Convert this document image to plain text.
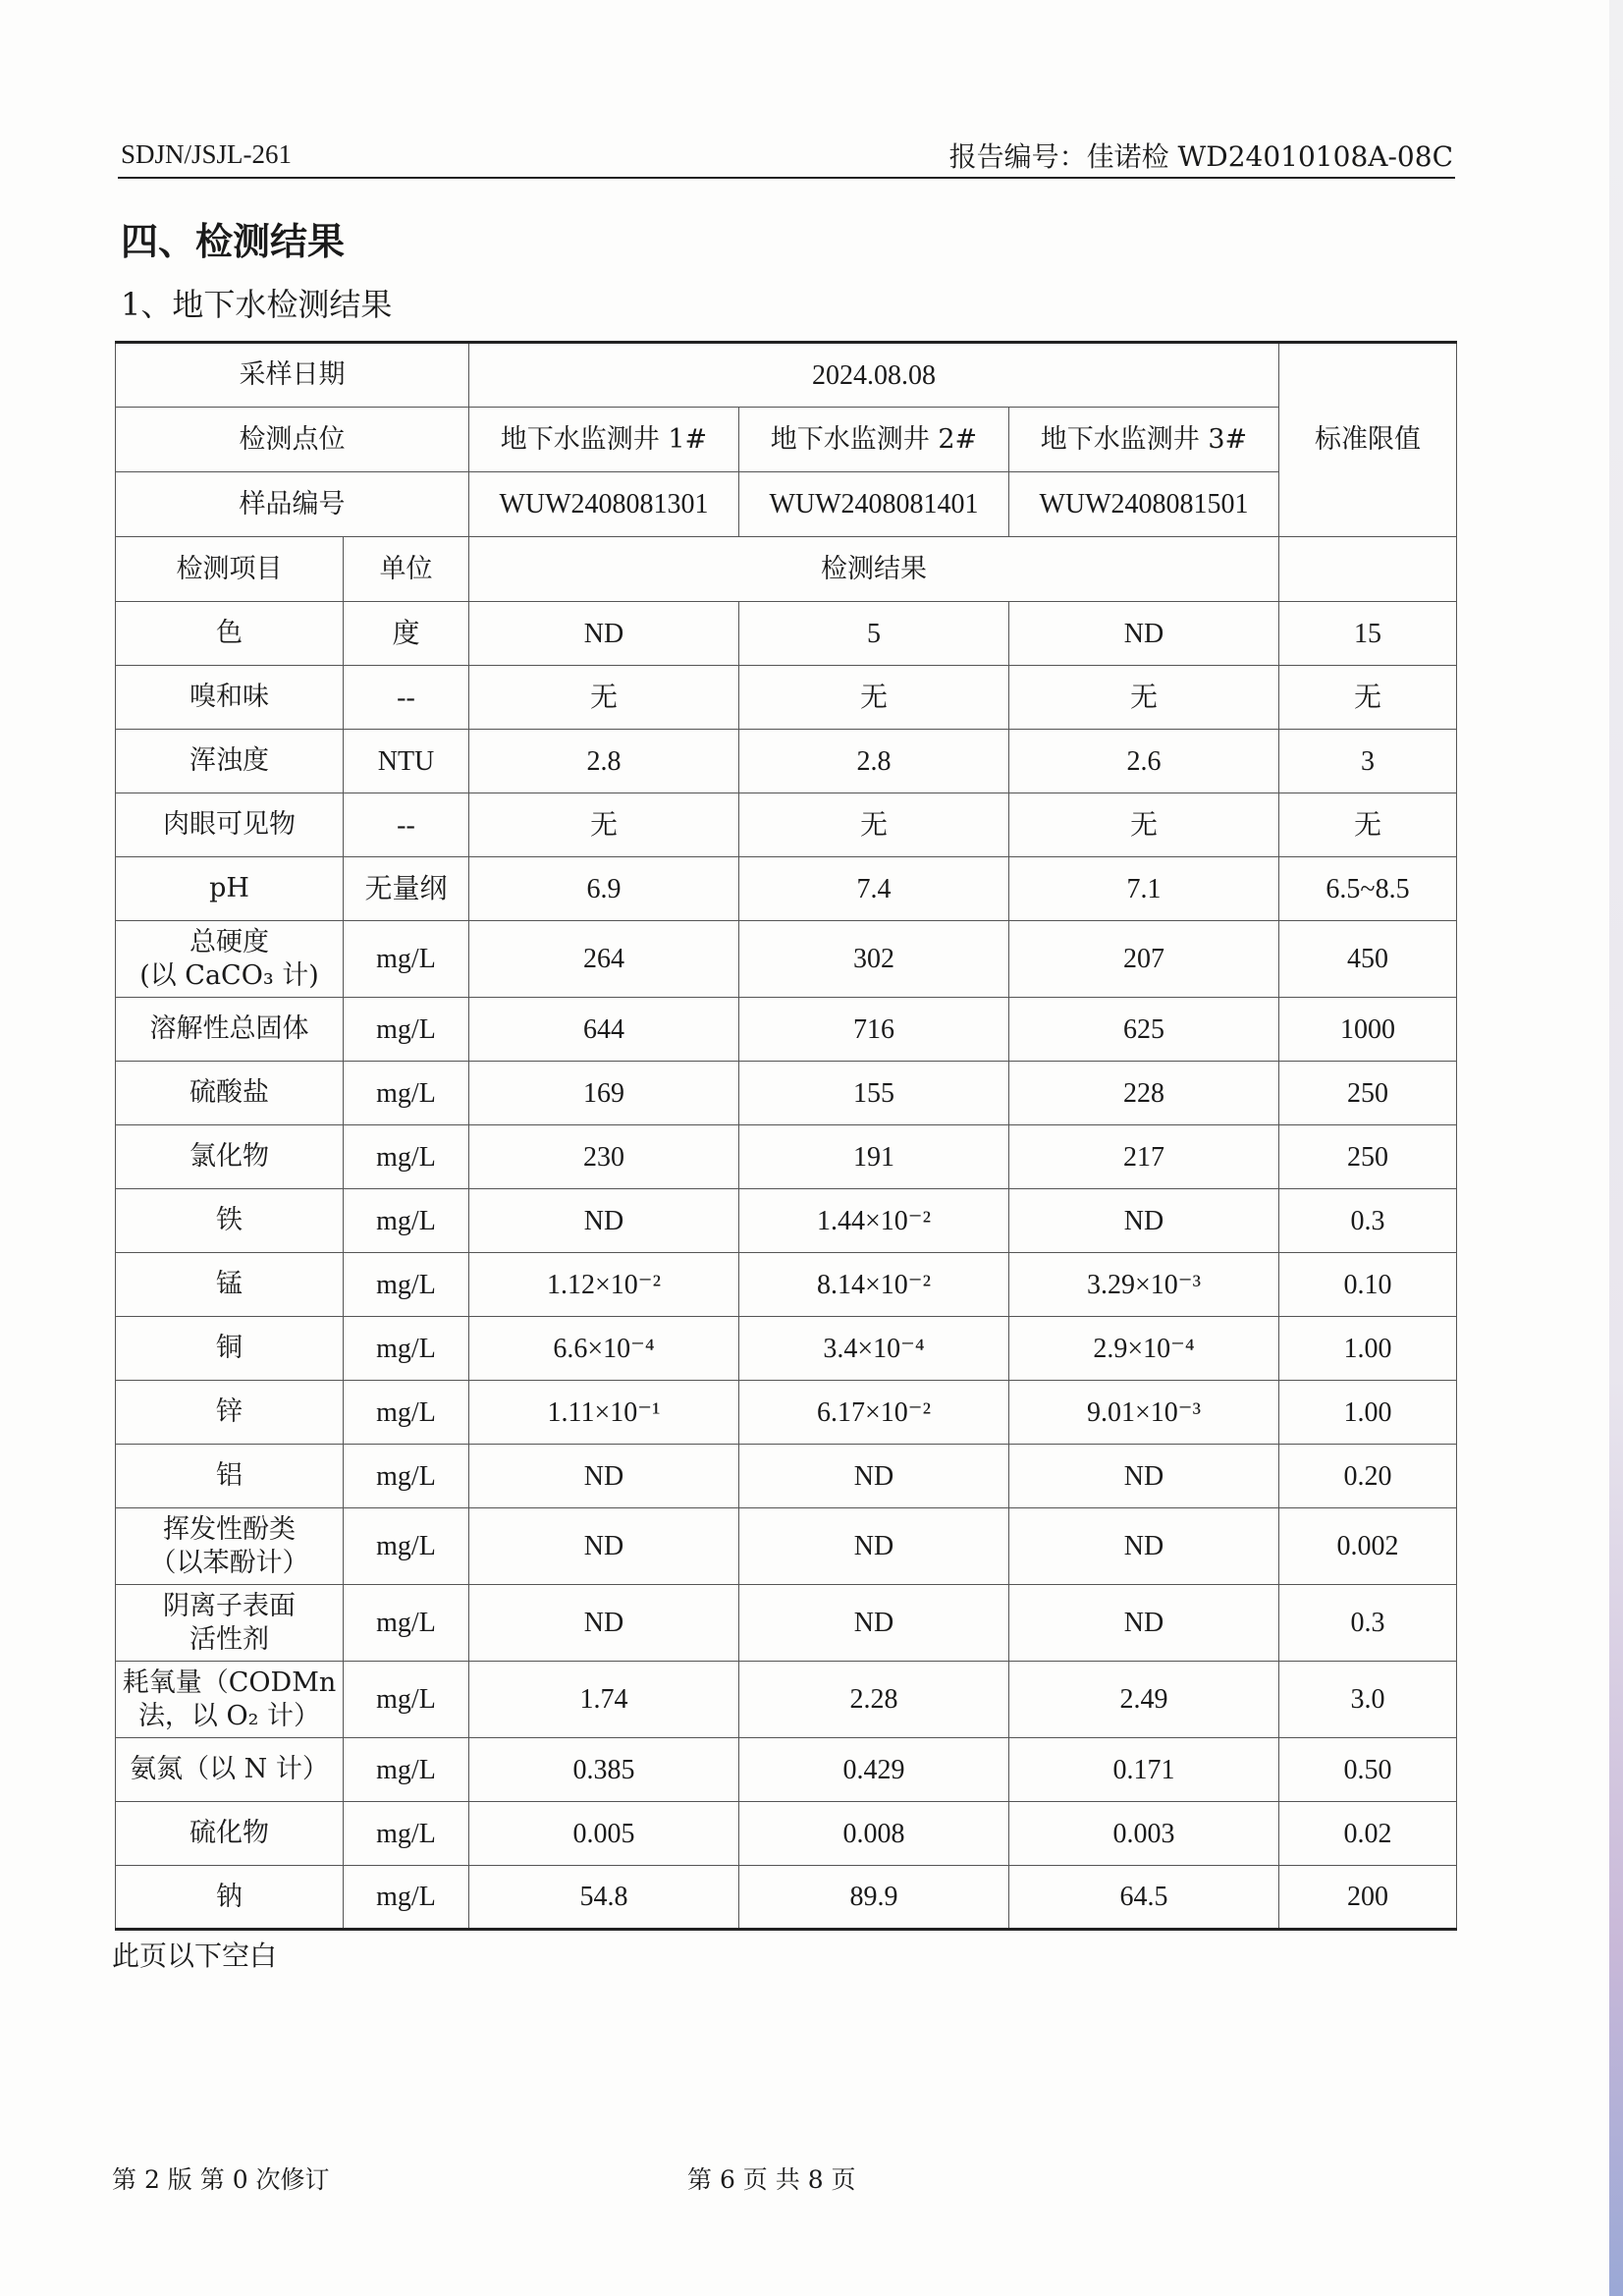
SDJN/JSJL-261	报告编号：佳诺检 WD24010108A-08C
四、检测结果
1、地下水检测结果
采样日期		2024.08.08			标准限值
检测点位		地下水监测井 1#	地下水监测井 2#	地下水监测井 3#	
样品编号		WUW2408081301	WUW2408081401	WUW2408081501	
检测项目	单位	检测结果			
色	度	ND	5	ND	15
嗅和味	--	无	无	无	无
浑浊度	NTU	2.8	2.8	2.6	3
肉眼可见物	--	无	无	无	无
pH	无量纲	6.9	7.4	7.1	6.5~8.5
总硬度
(以 CaCO₃ 计)	mg/L	264	302	207	450
溶解性总固体	mg/L	644	716	625	1000
硫酸盐	mg/L	169	155	228	250
氯化物	mg/L	230	191	217	250
铁	mg/L	ND	1.44×10⁻²	ND	0.3
锰	mg/L	1.12×10⁻²	8.14×10⁻²	3.29×10⁻³	0.10
铜	mg/L	6.6×10⁻⁴	3.4×10⁻⁴	2.9×10⁻⁴	1.00
锌	mg/L	1.11×10⁻¹	6.17×10⁻²	9.01×10⁻³	1.00
铝	mg/L	ND	ND	ND	0.20
挥发性酚类
（以苯酚计）	mg/L	ND	ND	ND	0.002
阴离子表面
活性剂	mg/L	ND	ND	ND	0.3
耗氧量（CODMn
法，以 O₂ 计）	mg/L	1.74	2.28	2.49	3.0
氨氮（以 N 计）	mg/L	0.385	0.429	0.171	0.50
硫化物	mg/L	0.005	0.008	0.003	0.02
钠	mg/L	54.8	89.9	64.5	200
此页以下空白
第 2 版 第 0 次修订	第 6 页 共 8 页
